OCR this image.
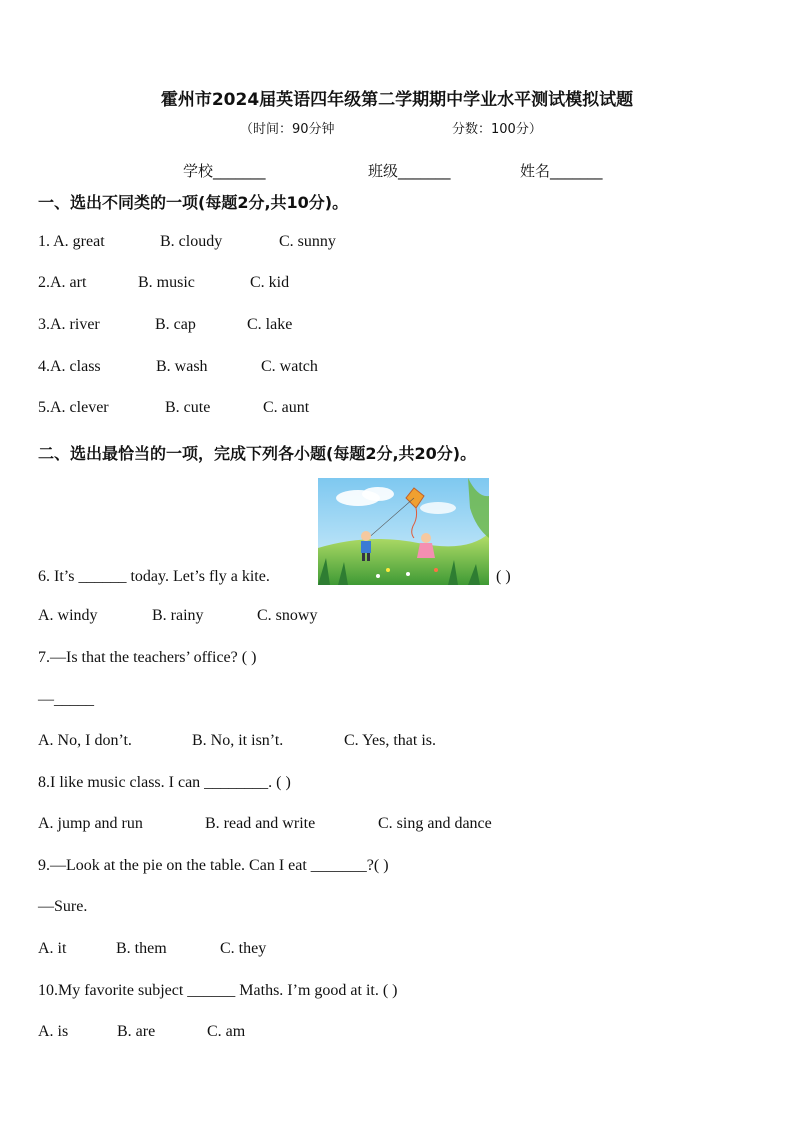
霍州市2024届英语四年级第二学期期中学业水平测试模拟试题
（时间：90分钟	分数：100分）
学校_______	班级_______	姓名_______
一、选出不同类的一项(每题2分,共10分)。
1. A. great	B. cloudy	C. sunny
2.A. art	B. music	C. kid
3.A. river	B. cap	C. lake
4.A. class	B. wash	C. watch
5.A. clever	B. cute	C. aunt
二、选出最恰当的一项，完成下列各小题(每题2分,共20分)。
6. It’s ______ today. Let’s fly a kite.	( )
A. windy	B. rainy	C. snowy
7.—Is that the teachers’ office? ( )
—_____
A. No, I don’t.	B. No, it isn’t.	C. Yes, that is.
8.I like music class. I can ________. ( )
A. jump and run	B. read and write	C. sing and dance
9.—Look at the pie on the table. Can I eat _______?( )
—Sure.
A. it	B. them	C. they
10.My favorite subject ______ Maths. I’m good at it. ( )
A. is	B. are	C. am
